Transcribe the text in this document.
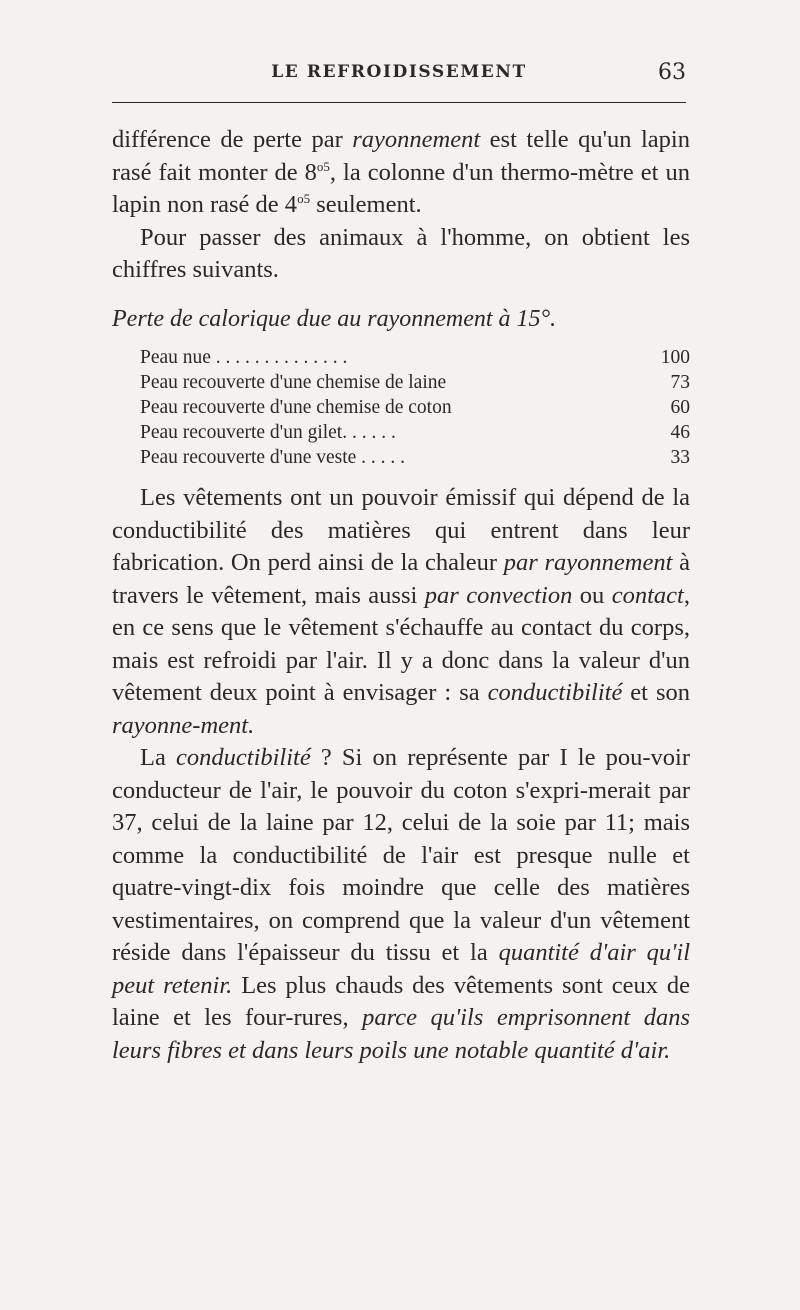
LE REFROIDISSEMENT	63

différence de perte par rayonnement est telle qu'un lapin rasé fait monter de $8^{o5}$, la colonne d'un thermo-mètre et un lapin non rasé de $4^{o5}$ seulement.

Pour passer des animaux à l'homme, on obtient les chiffres suivants.

Perte de calorique due au rayonnement à 15°.
Peau nue . . . . . . . . . . . . . .	100
Peau recouverte d'une chemise de laine	73
Peau recouverte d'une chemise de coton	60
Peau recouverte d'un gilet. . . . . .	46
Peau recouverte d'une veste . . . . .	33

Les vêtements ont un pouvoir émissif qui dépend de la conductibilité des matières qui entrent dans leur fabrication. On perd ainsi de la chaleur par rayonnement à travers le vêtement, mais aussi par convection ou contact, en ce sens que le vêtement s'échauffe au contact du corps, mais est refroidi par l'air. Il y a donc dans la valeur d'un vêtement deux point à envisager : sa conductibilité et son rayonne-ment.

La conductibilité ? Si on représente par I le pou-voir conducteur de l'air, le pouvoir du coton s'expri-merait par 37, celui de la laine par 12, celui de la soie par 11; mais comme la conductibilité de l'air est presque nulle et quatre-vingt-dix fois moindre que celle des matières vestimentaires, on comprend que la valeur d'un vêtement réside dans l'épaisseur du tissu et la quantité d'air qu'il peut retenir. Les plus chauds des vêtements sont ceux de laine et les four-rures, parce qu'ils emprisonnent dans leurs fibres et dans leurs poils une notable quantité d'air.
